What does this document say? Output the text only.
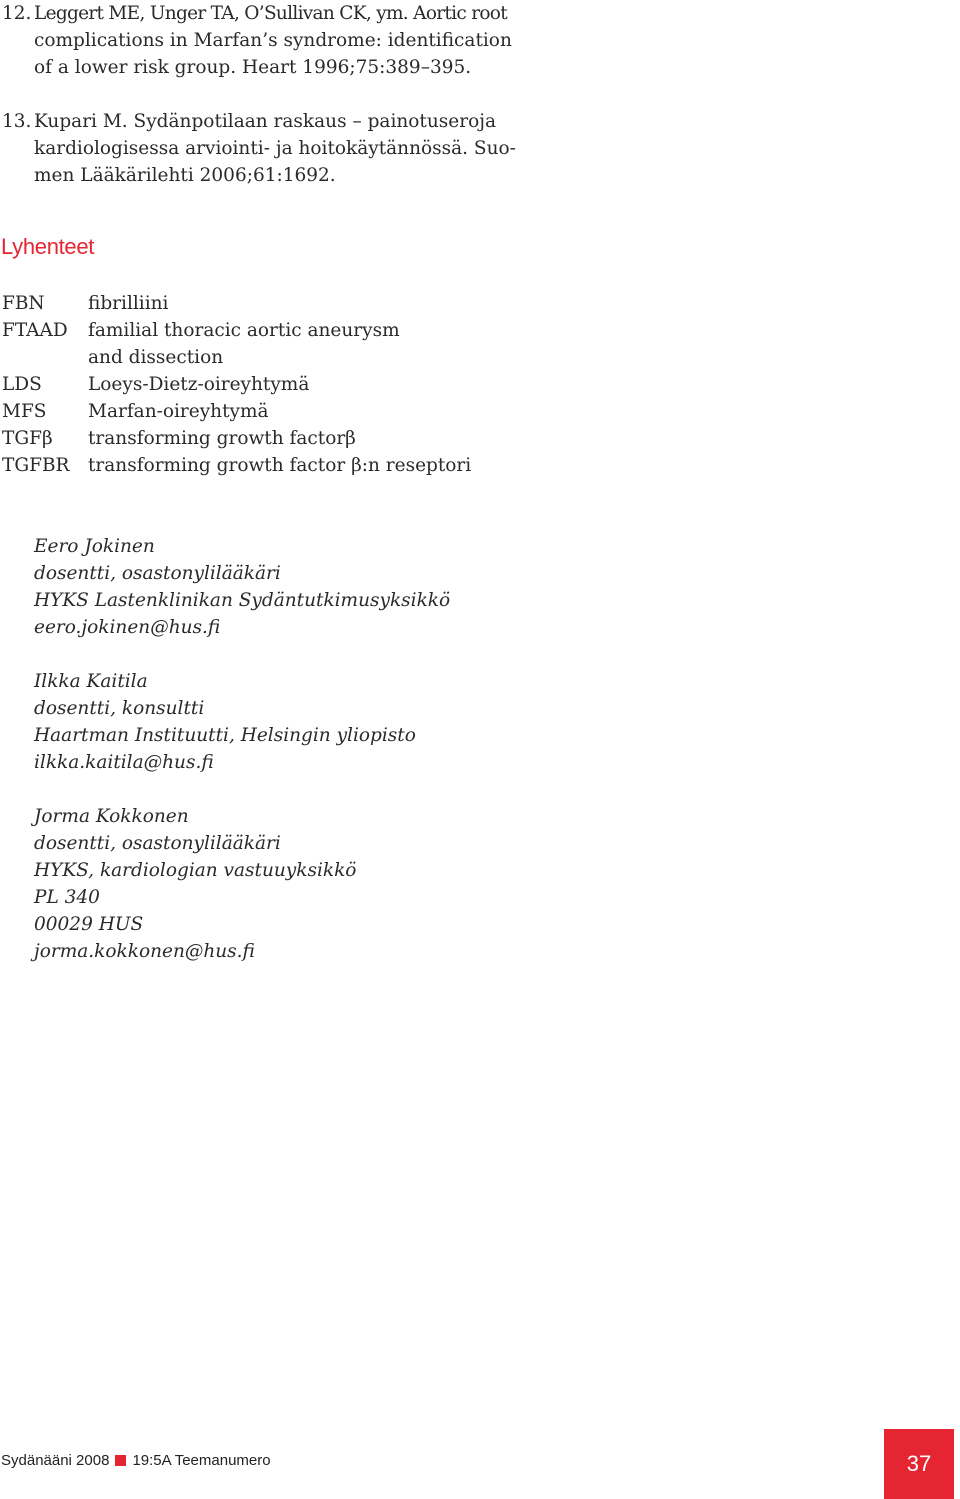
12. Leggert ME, Unger TA, O’Sullivan CK, ym. Aortic root
complications in Marfan’s syndrome: identification
of a lower risk group. Heart 1996;75:389–395.
13. Kupari M. Sydänpotilaan raskaus – painotuseroja
kardiologisessa arviointi- ja hoitokäytännössä. Suo-
men Lääkärilehti 2006;61:1692.
Lyhenteet
FBN	fibrilliini
FTAAD	familial thoracic aortic aneurysm and dissection
LDS	Loeys-Dietz-oireyhtymä
MFS	Marfan-oireyhtymä
TGFβ	transforming growth factorβ
TGFBR	transforming growth factor β:n reseptori
Eero Jokinen
dosentti, osastonylilääkäri
HYKS Lastenklinikan Sydäntutkimusyksikkö
eero.jokinen@hus.fi
Ilkka Kaitila
dosentti, konsultti
Haartman Instituutti, Helsingin yliopisto
ilkka.kaitila@hus.fi
Jorma Kokkonen
dosentti, osastonylilääkäri
HYKS, kardiologian vastuuyksikkö
PL 340
00029 HUS
jorma.kokkonen@hus.fi
Sydänääni 2008 19:5A Teemanumero	37
